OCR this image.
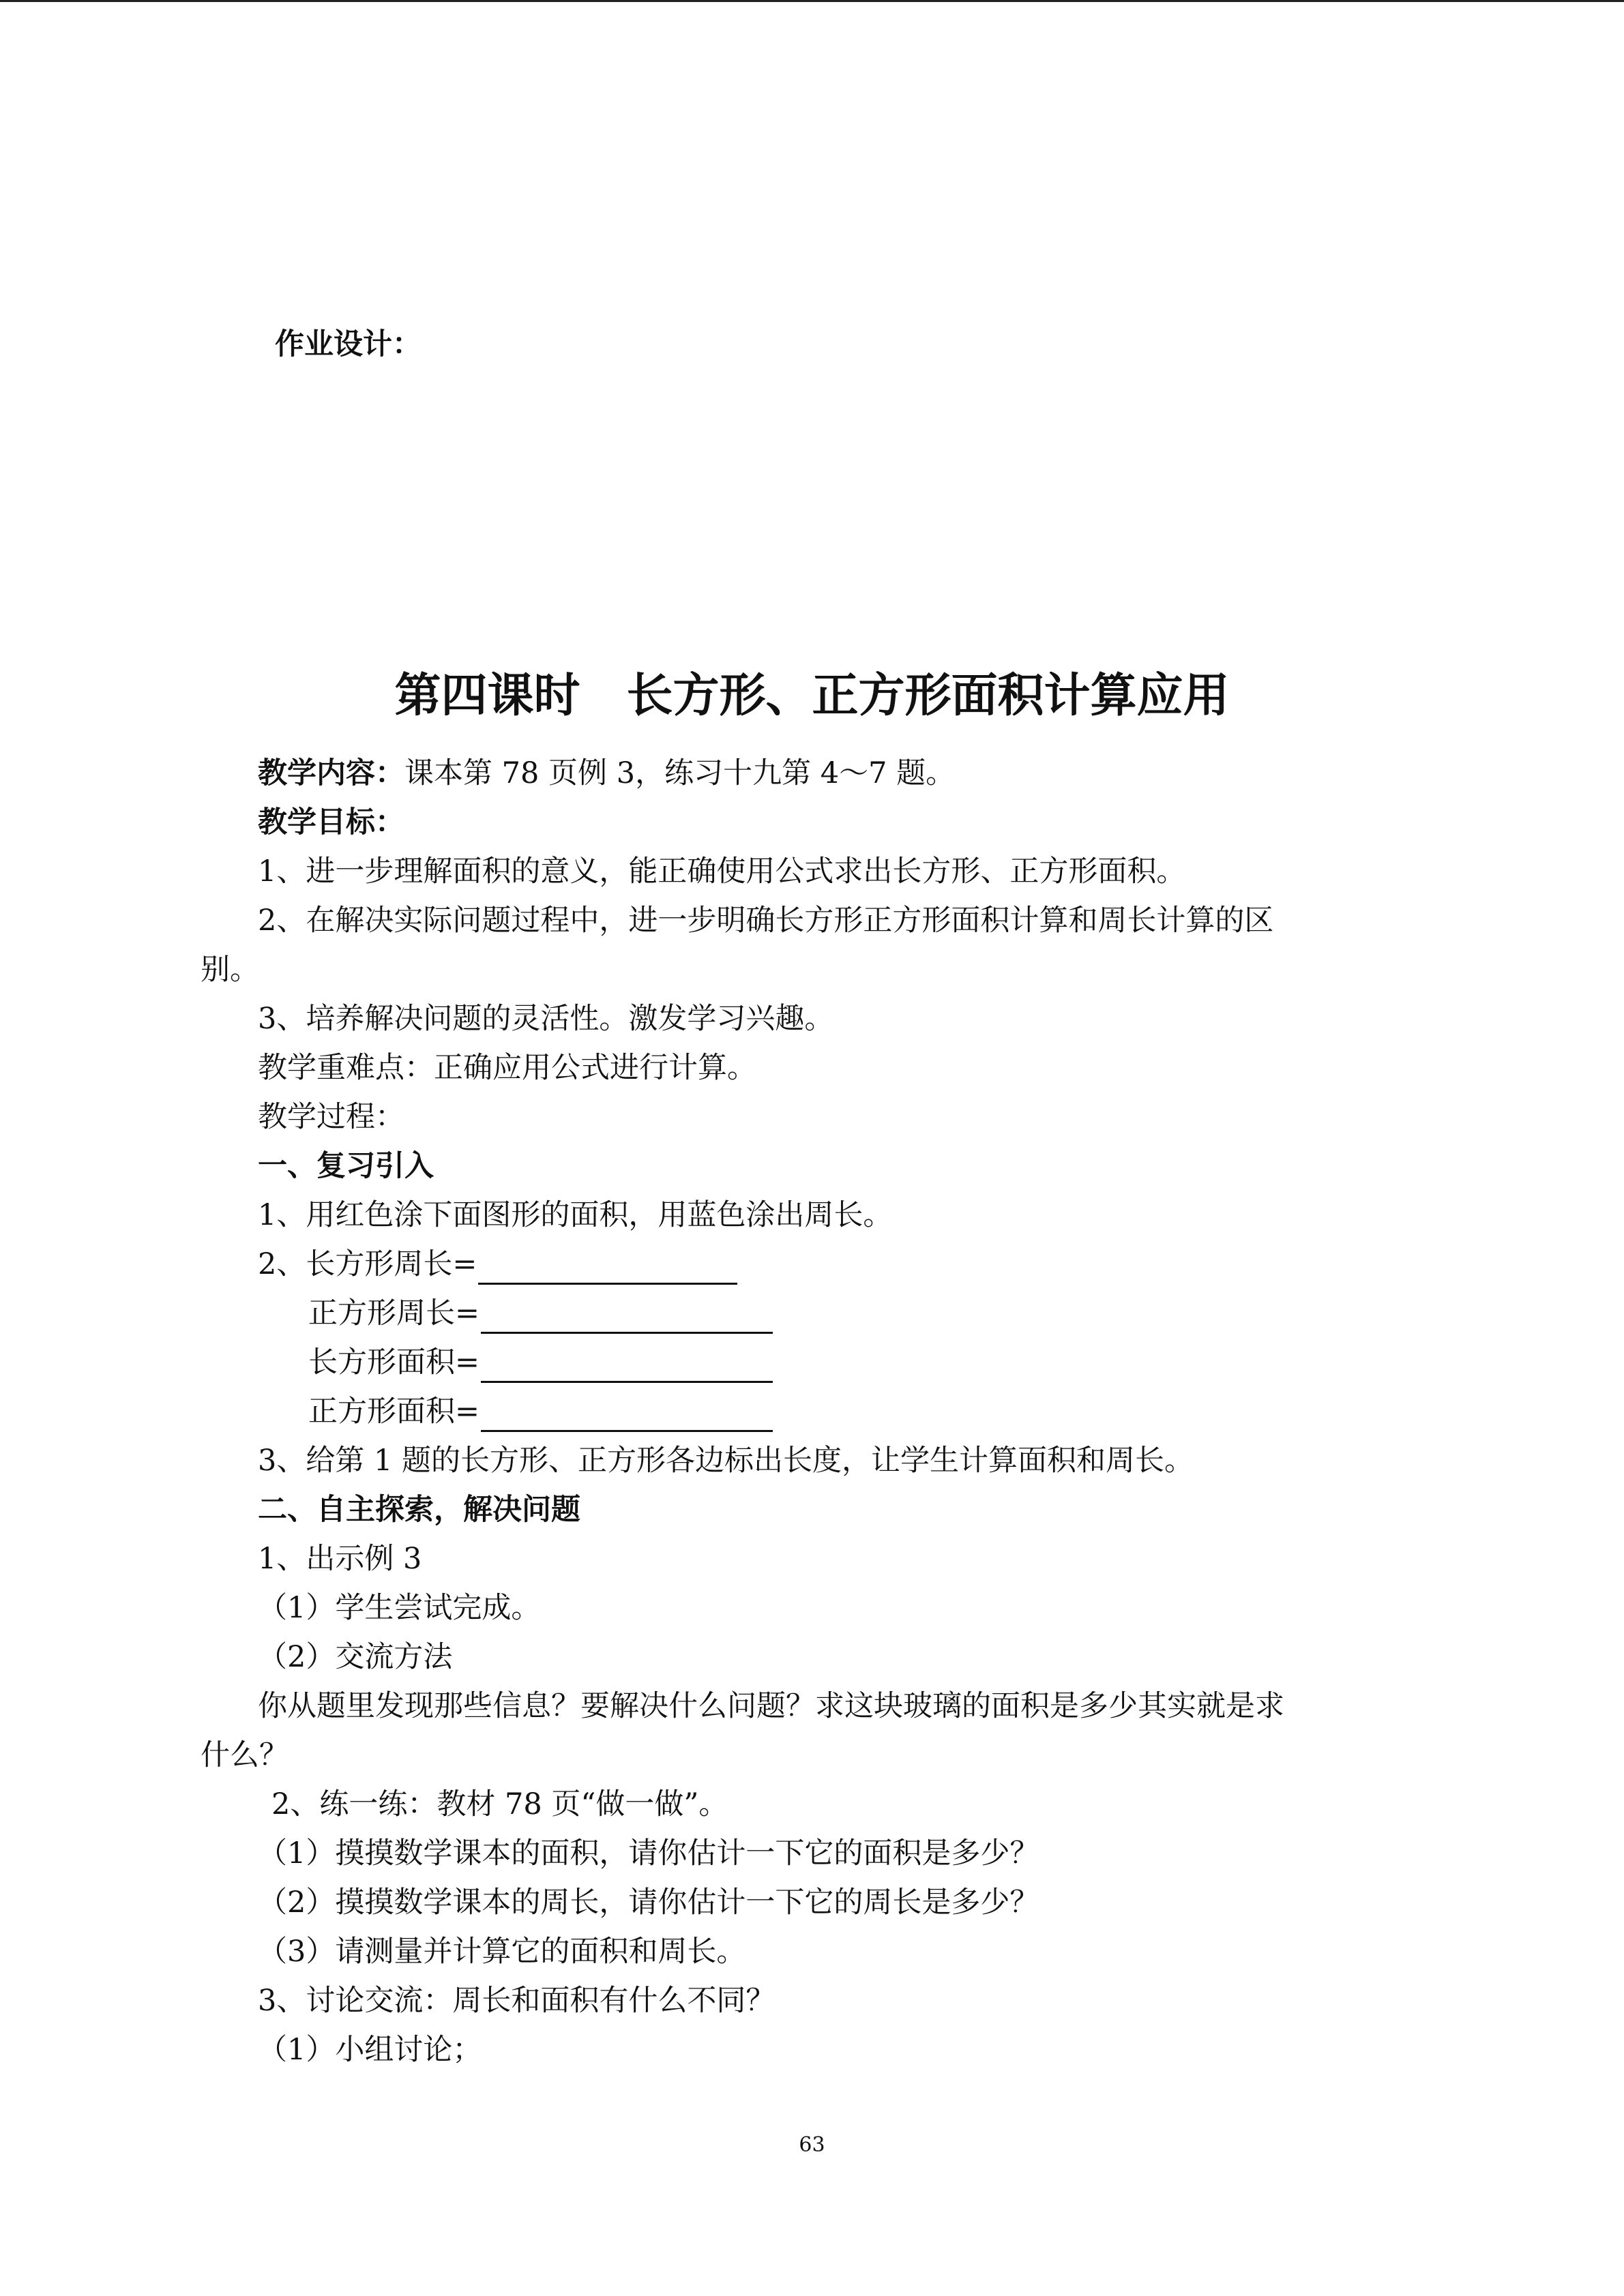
作业设计：
第四课时　长方形、正方形面积计算应用
教学内容：课本第 78 页例 3，练习十九第 4～7 题。
教学目标：
1、进一步理解面积的意义，能正确使用公式求出长方形、正方形面积。
2、在解决实际问题过程中，进一步明确长方形正方形面积计算和周长计算的区
别。
3、培养解决问题的灵活性。激发学习兴趣。
教学重难点：正确应用公式进行计算。
教学过程：
一、复习引入
1、用红色涂下面图形的面积，用蓝色涂出周长。
2、长方形周长=
正方形周长=
长方形面积=
正方形面积=
3、给第 1 题的长方形、正方形各边标出长度，让学生计算面积和周长。
二、自主探索，解决问题
1、出示例 3
（1）学生尝试完成。
（2）交流方法
你从题里发现那些信息？要解决什么问题？求这块玻璃的面积是多少其实就是求
什么？
2、练一练：教材 78 页“做一做”。
（1）摸摸数学课本的面积，请你估计一下它的面积是多少？
（2）摸摸数学课本的周长，请你估计一下它的周长是多少？
（3）请测量并计算它的面积和周长。
3、讨论交流：周长和面积有什么不同？
（1）小组讨论；
63
